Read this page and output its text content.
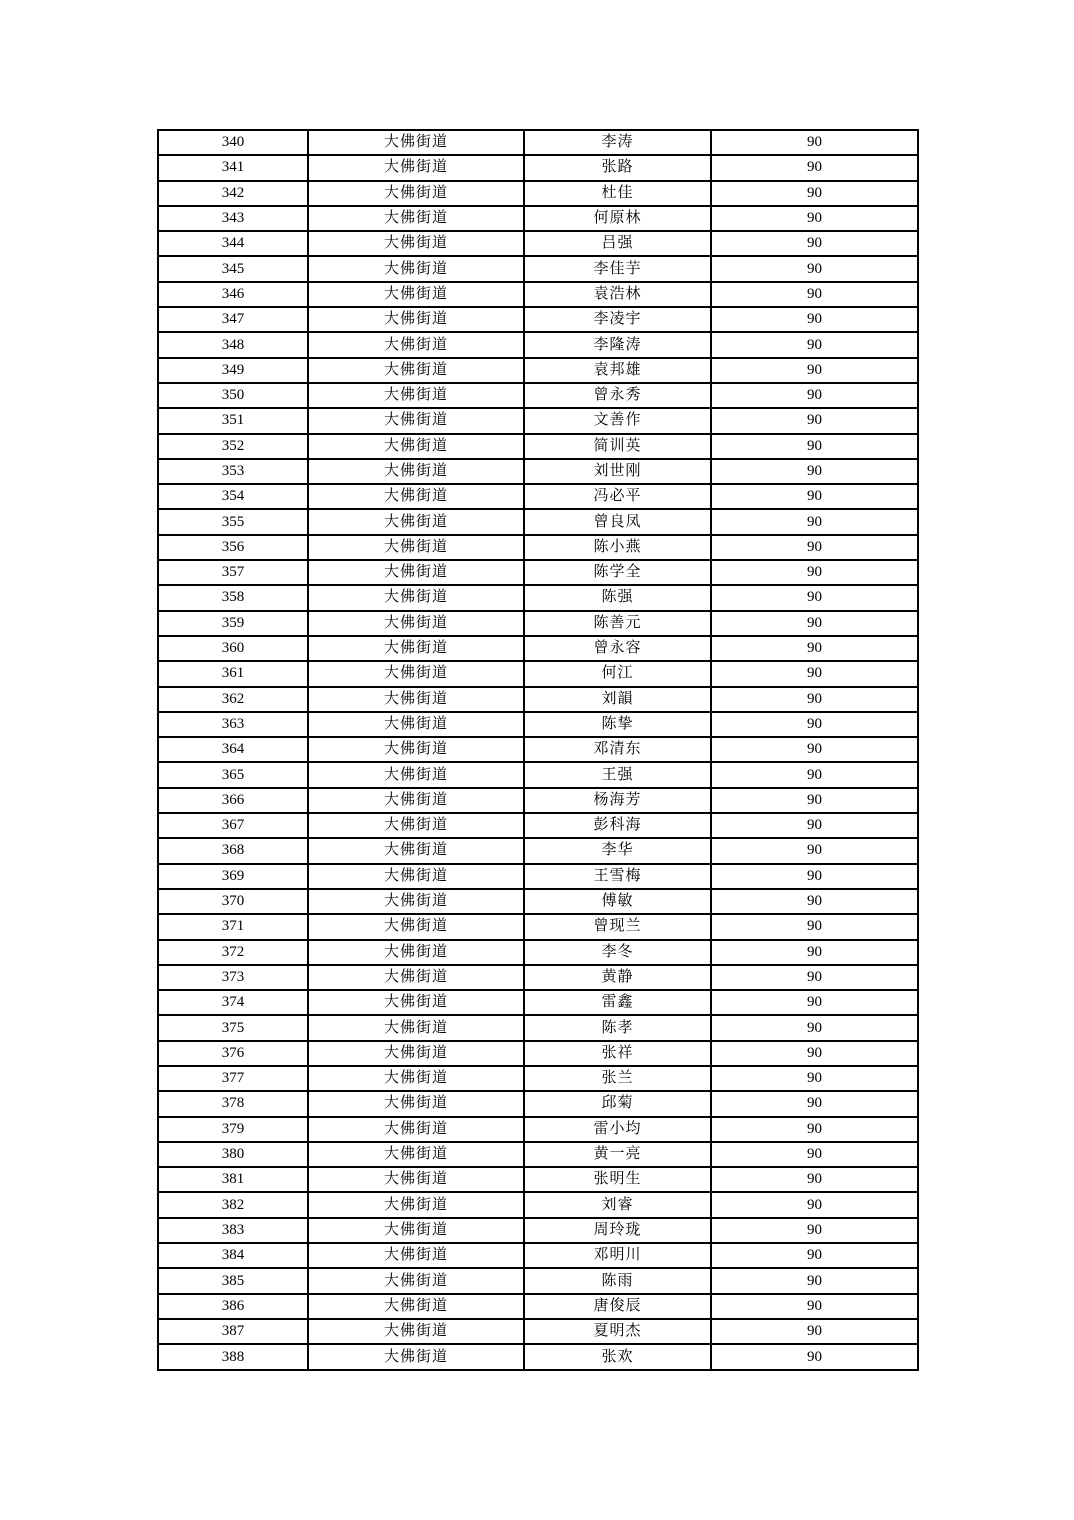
340	大佛街道	李涛	90
341	大佛街道	张路	90
342	大佛街道	杜佳	90
343	大佛街道	何原林	90
344	大佛街道	吕强	90
345	大佛街道	李佳芋	90
346	大佛街道	袁浩林	90
347	大佛街道	李凌宇	90
348	大佛街道	李隆涛	90
349	大佛街道	袁邦雄	90
350	大佛街道	曾永秀	90
351	大佛街道	文善作	90
352	大佛街道	简训英	90
353	大佛街道	刘世刚	90
354	大佛街道	冯必平	90
355	大佛街道	曾良凤	90
356	大佛街道	陈小燕	90
357	大佛街道	陈学全	90
358	大佛街道	陈强	90
359	大佛街道	陈善元	90
360	大佛街道	曾永容	90
361	大佛街道	何江	90
362	大佛街道	刘韻	90
363	大佛街道	陈挚	90
364	大佛街道	邓清东	90
365	大佛街道	王强	90
366	大佛街道	杨海芳	90
367	大佛街道	彭科海	90
368	大佛街道	李华	90
369	大佛街道	王雪梅	90
370	大佛街道	傅敏	90
371	大佛街道	曾现兰	90
372	大佛街道	李冬	90
373	大佛街道	黄静	90
374	大佛街道	雷鑫	90
375	大佛街道	陈孝	90
376	大佛街道	张祥	90
377	大佛街道	张兰	90
378	大佛街道	邱菊	90
379	大佛街道	雷小均	90
380	大佛街道	黄一亮	90
381	大佛街道	张明生	90
382	大佛街道	刘睿	90
383	大佛街道	周玲珑	90
384	大佛街道	邓明川	90
385	大佛街道	陈雨	90
386	大佛街道	唐俊辰	90
387	大佛街道	夏明杰	90
388	大佛街道	张欢	90
